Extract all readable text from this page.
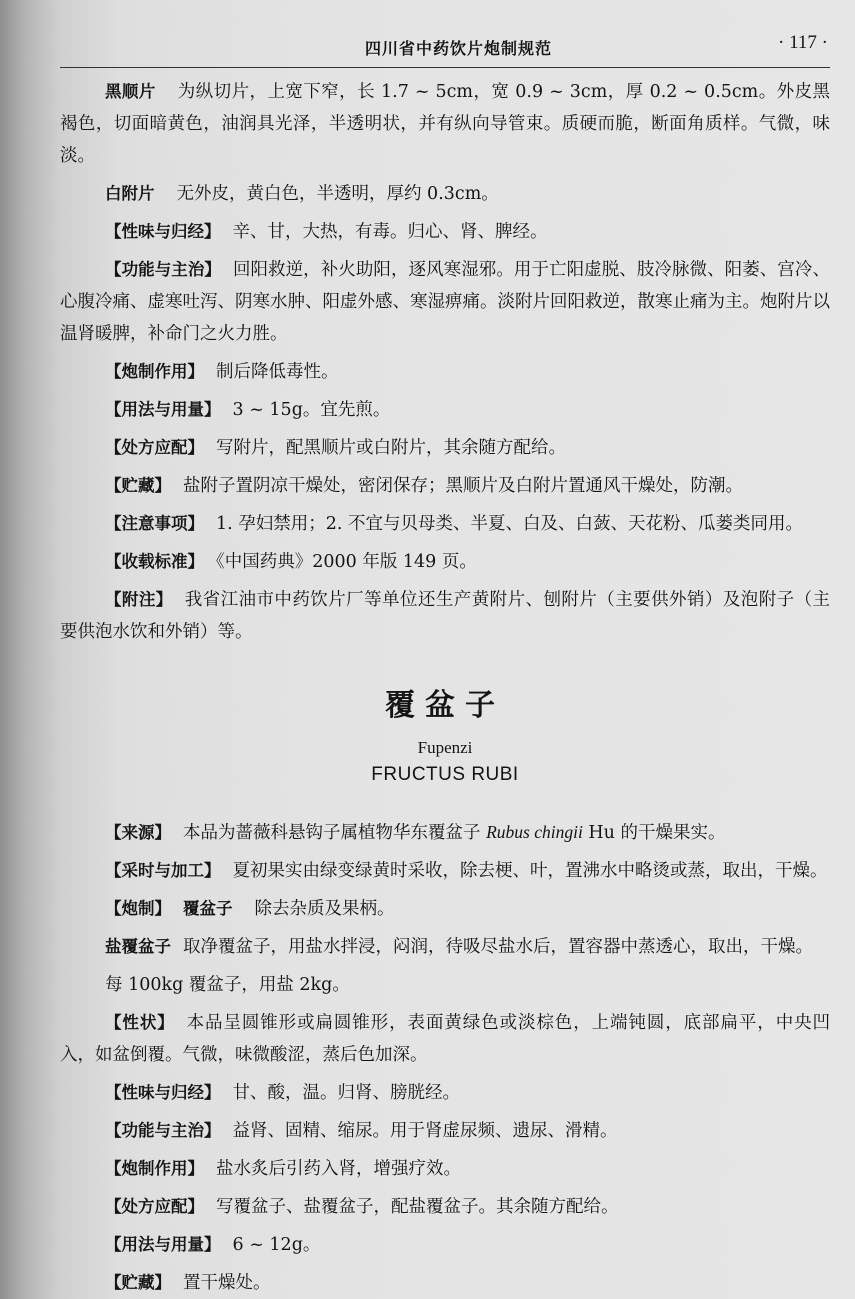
四川省中药饮片炮制规范	· 117 ·

黑顺片 为纵切片，上宽下窄，长 1.7 ~ 5cm，宽 0.9 ~ 3cm，厚 0.2 ~ 0.5cm。外皮黑褐色，切面暗黄色，油润具光泽，半透明状，并有纵向导管束。质硬而脆，断面角质样。气微，味淡。

白附片 无外皮，黄白色，半透明，厚约 0.3cm。

【性味与归经】 辛、甘，大热，有毒。归心、肾、脾经。

【功能与主治】 回阳救逆，补火助阳，逐风寒湿邪。用于亡阳虚脱、肢冷脉微、阳萎、宫冷、心腹冷痛、虚寒吐泻、阴寒水肿、阳虚外感、寒湿痹痛。淡附片回阳救逆，散寒止痛为主。炮附片以温肾暖脾，补命门之火力胜。

【炮制作用】 制后降低毒性。

【用法与用量】 3 ~ 15g。宜先煎。

【处方应配】 写附片，配黑顺片或白附片，其余随方配给。

【贮藏】 盐附子置阴凉干燥处，密闭保存；黑顺片及白附片置通风干燥处，防潮。

【注意事项】 1. 孕妇禁用；2. 不宜与贝母类、半夏、白及、白蔹、天花粉、瓜蒌类同用。

【收载标准】 《中国药典》2000 年版 149 页。

【附注】 我省江油市中药饮片厂等单位还生产黄附片、刨附片（主要供外销）及泡附子（主要供泡水饮和外销）等。

覆盆子
Fupenzi
FRUCTUS RUBI

【来源】 本品为蔷薇科悬钩子属植物华东覆盆子 Rubus chingii Hu 的干燥果实。

【采时与加工】 夏初果实由绿变绿黄时采收，除去梗、叶，置沸水中略烫或蒸，取出，干燥。

【炮制】 覆盆子 除去杂质及果柄。

盐覆盆子 取净覆盆子，用盐水拌浸，闷润，待吸尽盐水后，置容器中蒸透心，取出，干燥。

每 100kg 覆盆子，用盐 2kg。

【性状】 本品呈圆锥形或扁圆锥形，表面黄绿色或淡棕色，上端钝圆，底部扁平，中央凹入，如盆倒覆。气微，味微酸涩，蒸后色加深。

【性味与归经】 甘、酸，温。归肾、膀胱经。

【功能与主治】 益肾、固精、缩尿。用于肾虚尿频、遗尿、滑精。

【炮制作用】 盐水炙后引药入肾，增强疗效。

【处方应配】 写覆盆子、盐覆盆子，配盐覆盆子。其余随方配给。

【用法与用量】 6 ~ 12g。

【贮藏】 置干燥处。
